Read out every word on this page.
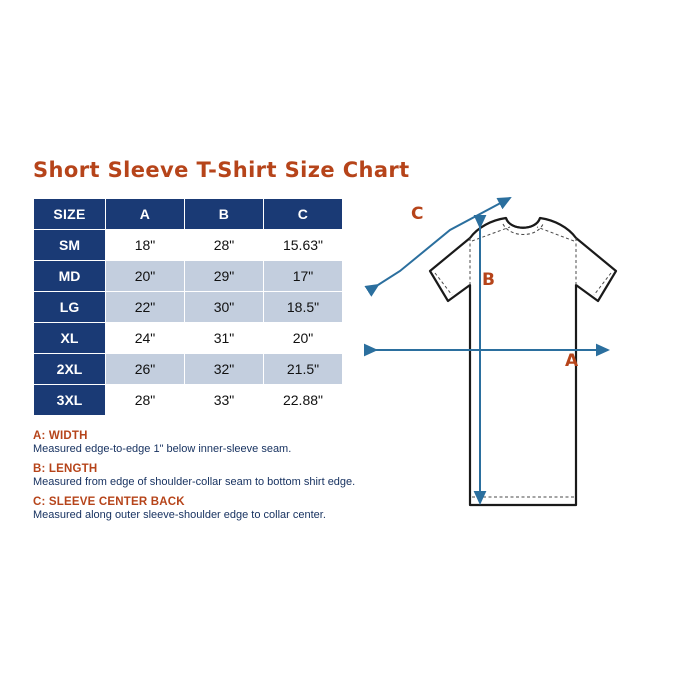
Short Sleeve T-Shirt Size Chart
SIZE	A	B	C
SM	18"	28"	15.63"
MD	20"	29"	17"
LG	22"	30"	18.5"
XL	24"	31"	20"
2XL	26"	32"	21.5"
3XL	28"	33"	22.88"
A: WIDTH
Measured edge-to-edge 1" below inner-sleeve seam.
B: LENGTH
Measured from edge of shoulder-collar seam to bottom shirt edge.
C: SLEEVE CENTER BACK
Measured along outer sleeve-shoulder edge to collar center.
A
B
C
